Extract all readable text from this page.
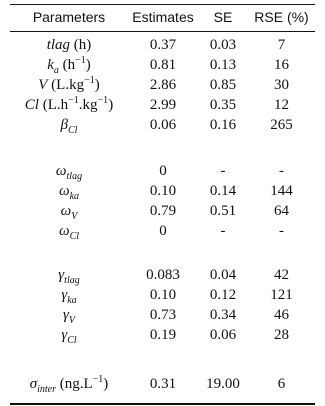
Parameters	Estimates	SE	RSE (%)
tlag (h)	0.37	0.03	7
$k_a$ $(h^{-1})$	0.81	0.13	16
V $(L.kg^{-1})$	2.86	0.85	30
Cl $(L.h^{-1}.kg^{-1})$	2.99	0.35	12
$\beta_{Cl}$	0.06	0.16	265
$\omega_{tlag}$	0	-	-
$\omega_{ka}$	0.10	0.14	144
$\omega_V$	0.79	0.51	64
$\omega_{Cl}$	0	-	-
$\gamma_{tlag}$	0.083	0.04	42
$\gamma_{ka}$	0.10	0.12	121
$\gamma_V$	0.73	0.34	46
$\gamma_{Cl}$	0.19	0.06	28
$\sigma_{inter}$ $(ng.L^{-1})$	0.31	19.00	6
